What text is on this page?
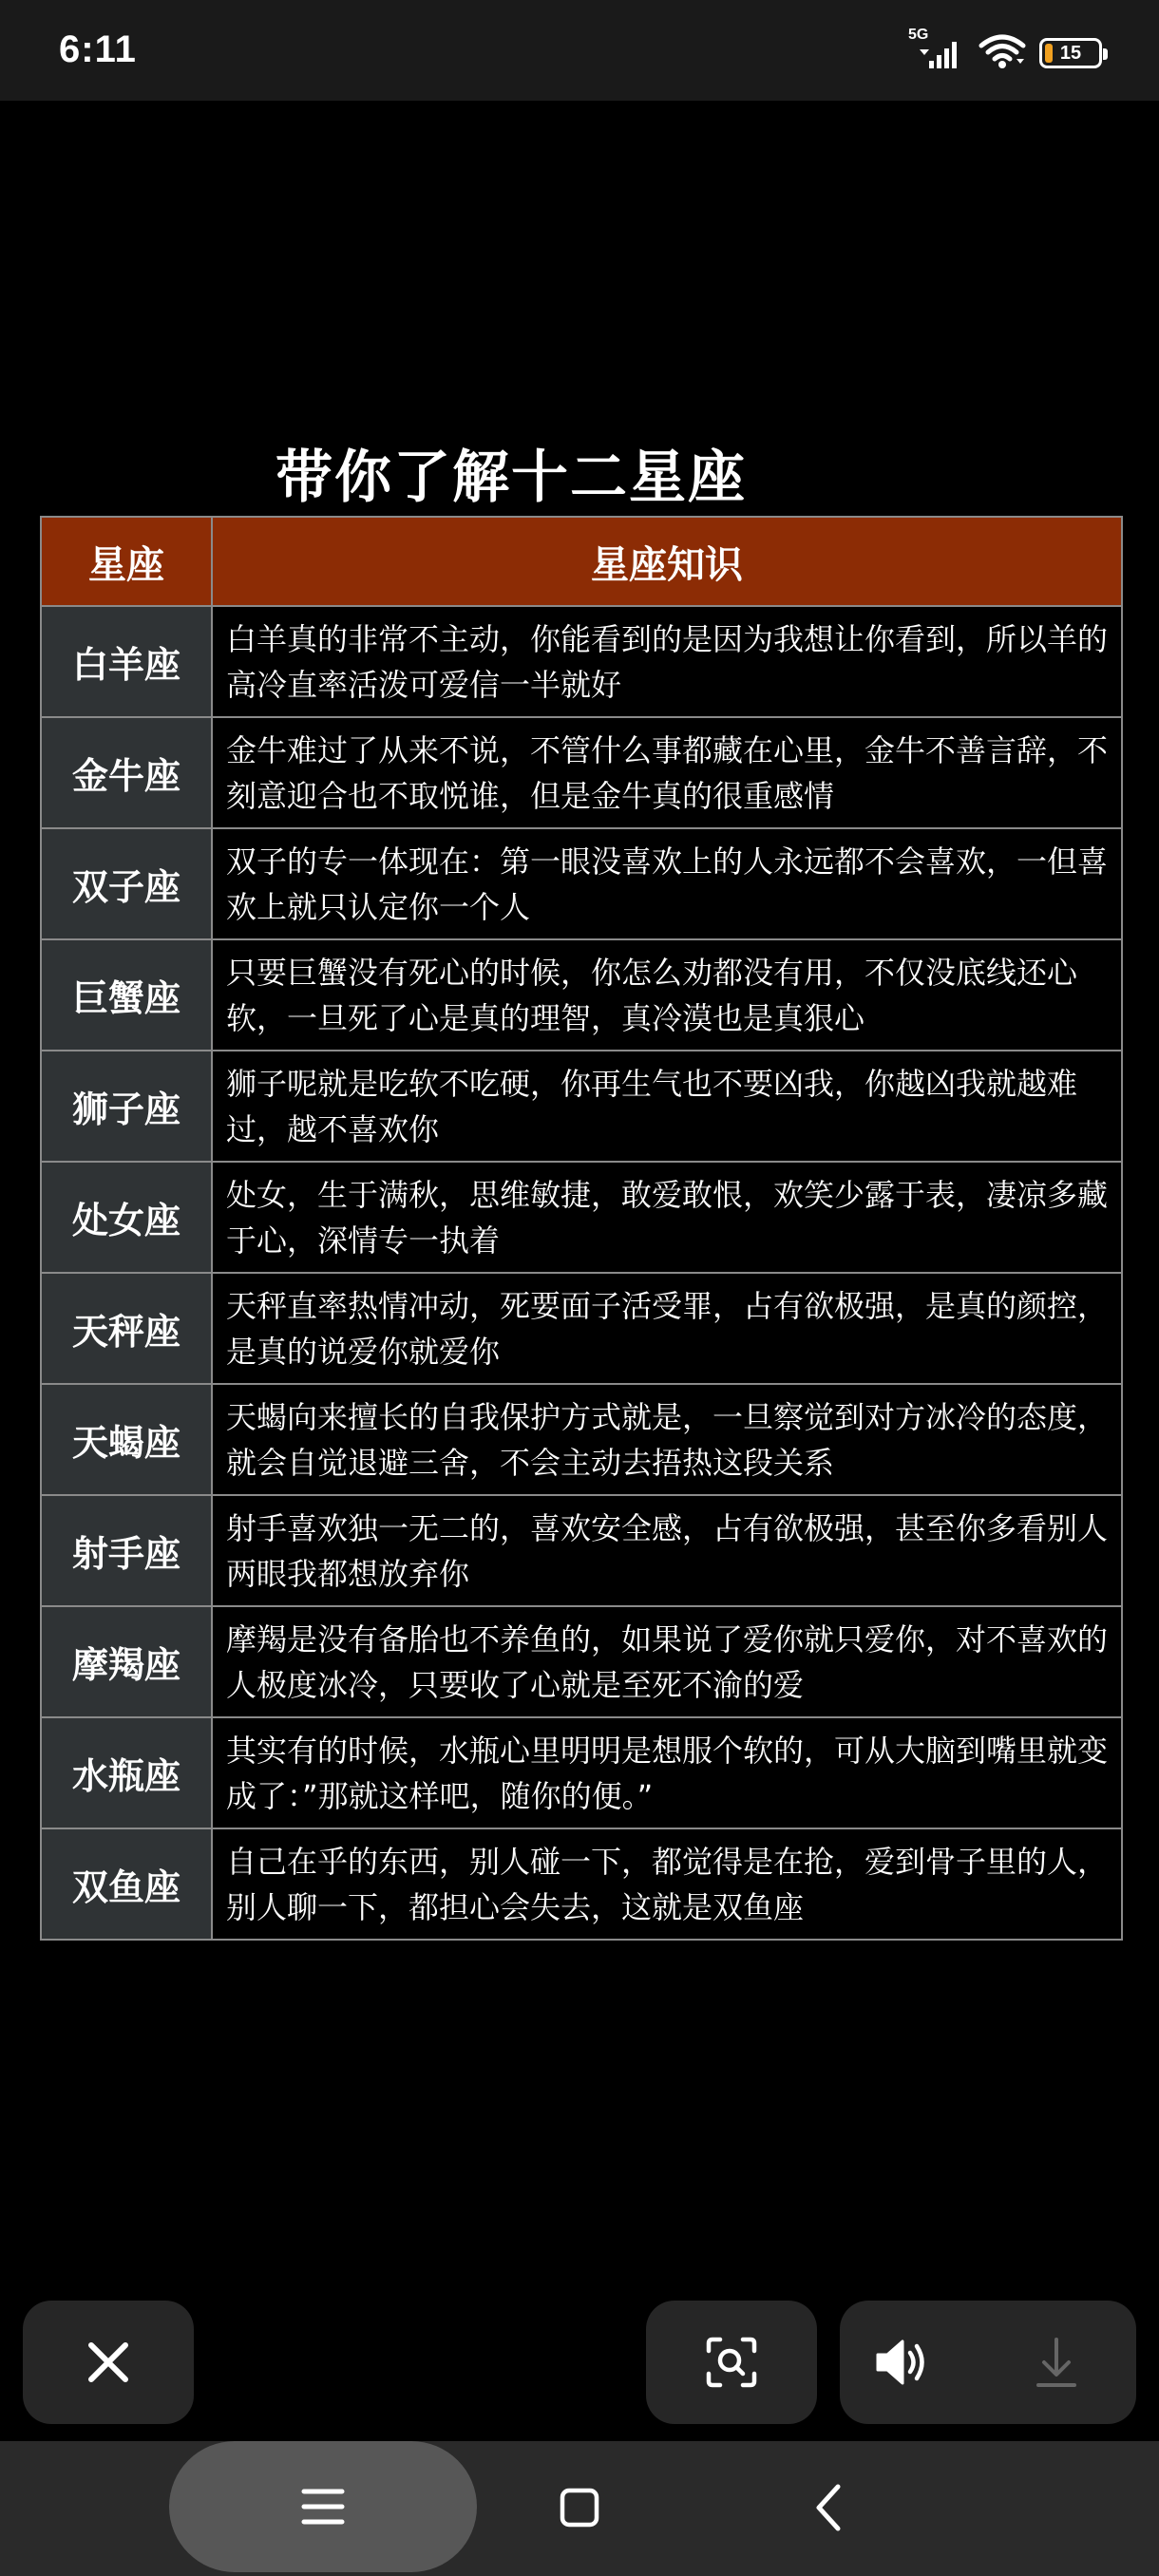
6:11	5G
15
带你了解十二星座
星座	星座知识
白羊座	白羊真的非常不主动，你能看到的是因为我想让你看到，所以羊的高冷直率活泼可爱信一半就好
金牛座	金牛难过了从来不说，不管什么事都藏在心里，金牛不善言辞，不刻意迎合也不取悦谁，但是金牛真的很重感情
双子座	双子的专一体现在：第一眼没喜欢上的人永远都不会喜欢，一但喜欢上就只认定你一个人
巨蟹座	只要巨蟹没有死心的时候，你怎么劝都没有用，不仅没底线还心软，一旦死了心是真的理智，真冷漠也是真狠心
狮子座	狮子呢就是吃软不吃硬，你再生气也不要凶我，你越凶我就越难过，越不喜欢你
处女座	处女，生于满秋，思维敏捷，敢爱敢恨，欢笑少露于表，凄凉多藏于心，深情专一执着
天秤座	天秤直率热情冲动，死要面子活受罪，占有欲极强，是真的颜控，是真的说爱你就爱你
天蝎座	天蝎向来擅长的自我保护方式就是，一旦察觉到对方冰冷的态度，就会自觉退避三舍，不会主动去捂热这段关系
射手座	射手喜欢独一无二的，喜欢安全感，占有欲极强，甚至你多看别人两眼我都想放弃你
摩羯座	摩羯是没有备胎也不养鱼的，如果说了爱你就只爱你，对不喜欢的人极度冰冷，只要收了心就是至死不渝的爱
水瓶座	其实有的时候，水瓶心里明明是想服个软的，可从大脑到嘴里就变成了：”那就这样吧，随你的便。”
双鱼座	自己在乎的东西，别人碰一下，都觉得是在抢，爱到骨子里的人，别人聊一下，都担心会失去，这就是双鱼座
